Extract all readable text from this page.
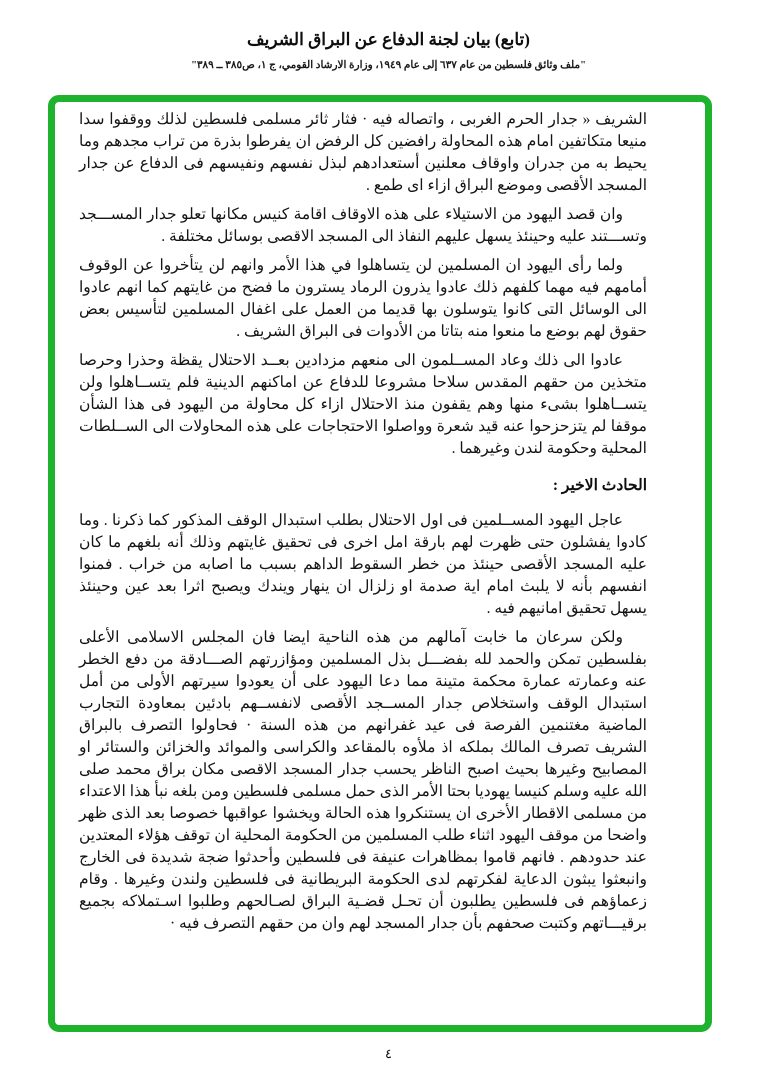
(تابع) بيان لجنة الدفاع عن البراق الشريف
"ملف وثائق فلسطين من عام ٦٣٧ إلى عام ١٩٤٩، وزارة الارشاد القومي، ج ١، ص٣٨٥ ــ ٣٨٩"

الشريف « جدار الحرم الغربى ، واتصاله فيه · فثار ثائر مسلمى فلسطين لذلك ووقفوا سدا منيعا متكاتفين امام هذه المحاولة رافضين كل الرفض ان يفرطوا بذرة من تراب مجدهم وما يحيط به من جدران واوقاف معلنين أستعدادهم لبذل نفسهم ونفيسهم فى الدفاع عن جدار المسجد الأقصى وموضع البراق ازاء اى طمع .

وان قصد اليهود من الاستيلاء على هذه الاوقاف اقامة كنيس مكانها تعلو جدار المســـجد وتســـتند عليه وحينئذ يسهل عليهم النفاذ الى المسجد الاقصى بوسائل مختلفة .

ولما رأى اليهود ان المسلمين لن يتساهلوا في هذا الأمر وانهم لن يتأخروا عن الوقوف أمامهم فيه مهما كلفهم ذلك عادوا يذرون الرماد يسترون ما فضح من غايتهم كما انهم عادوا الى الوسائل التى كانوا يتوسلون بها قديما من العمل على اغفال المسلمين لتأسيس بعض حقوق لهم بوضع ما منعوا منه بتاتا من الأدوات فى البراق الشريف .

عادوا الى ذلك وعاد المســلمون الى منعهم مزدادين بعــد الاحتلال يقظة وحذرا وحرصا متخذين من حقهم المقدس سلاحا مشروعا للدفاع عن اماكنهم الدينية فلم يتســاهلوا ولن يتســاهلوا بشىء منها وهم يقفون منذ الاحتلال ازاء كل محاولة من اليهود فى هذا الشأن موقفا لم يتزحزحوا عنه قيد شعرة وواصلوا الاحتجاجات على هذه المحاولات الى الســلطات المحلية وحكومة لندن وغيرهما .

الحادث الاخير :

عاجل اليهود المســلمين فى اول الاحتلال بطلب استبدال الوقف المذكور كما ذكرنا . وما كادوا يفشلون حتى ظهرت لهم بارقة امل اخرى فى تحقيق غايتهم وذلك أنه بلغهم ما كان عليه المسجد الأقصى حينئذ من خطر السقوط الداهم بسبب ما اصابه من خراب . فمنوا انفسهم بأنه لا يلبث امام اية صدمة او زلزال ان ينهار ويندك ويصبح اثرا بعد عين وحينئذ يسهل تحقيق امانيهم فيه .

ولكن سرعان ما خابت آمالهم من هذه الناحية ايضا فان المجلس الاسلامى الأعلى بفلسطين تمكن والحمد لله بفضـــل بذل المسلمين ومؤازرتهم الصـــادقة من دفع الخطر عنه وعمارته عمارة محكمة متينة مما دعا اليهود على أن يعودوا سيرتهم الأولى من أمل استبدال الوقف واستخلاص جدار المســجد الأقصى لانفســهم بادئين بمعاودة التجارب الماضية مغتنمين الفرصة فى عيد غفرانهم من هذه السنة · فحاولوا التصرف بالبراق الشريف تصرف المالك بملكه اذ ملأوه بالمقاعد والكراسى والموائد والخزائن والستائر او المصابيح وغيرها بحيث اصبح الناظر يحسب جدار المسجد الاقصى مكان براق محمد صلى الله عليه وسلم كنيسا يهوديا بحتا الأمر الذى حمل مسلمى فلسطين ومن بلغه نبأ هذا الاعتداء من مسلمى الاقطار الأخرى ان يستنكروا هذه الحالة ويخشوا عواقبها خصوصا بعد الذى ظهر واضحا من موقف اليهود اثناء طلب المسلمين من الحكومة المحلية ان توقف هؤلاء المعتدين عند حدودهم . فانهم قاموا بمظاهرات عنيفة فى فلسطين وأحدثوا ضجة شديدة فى الخارج وانبعثوا يبثون الدعاية لفكرتهم لدى الحكومة البريطانية فى فلسطين ولندن وغيرها . وقام زعماؤهم فى فلسطين يطلبون أن تحـل قضـية البراق لصـالحهم وطلبوا اسـتملاكه بجميع برقيـــاتهم وكتبت صحفهم بأن جدار المسجد لهم وان من حقهم التصرف فيه ·

٤
